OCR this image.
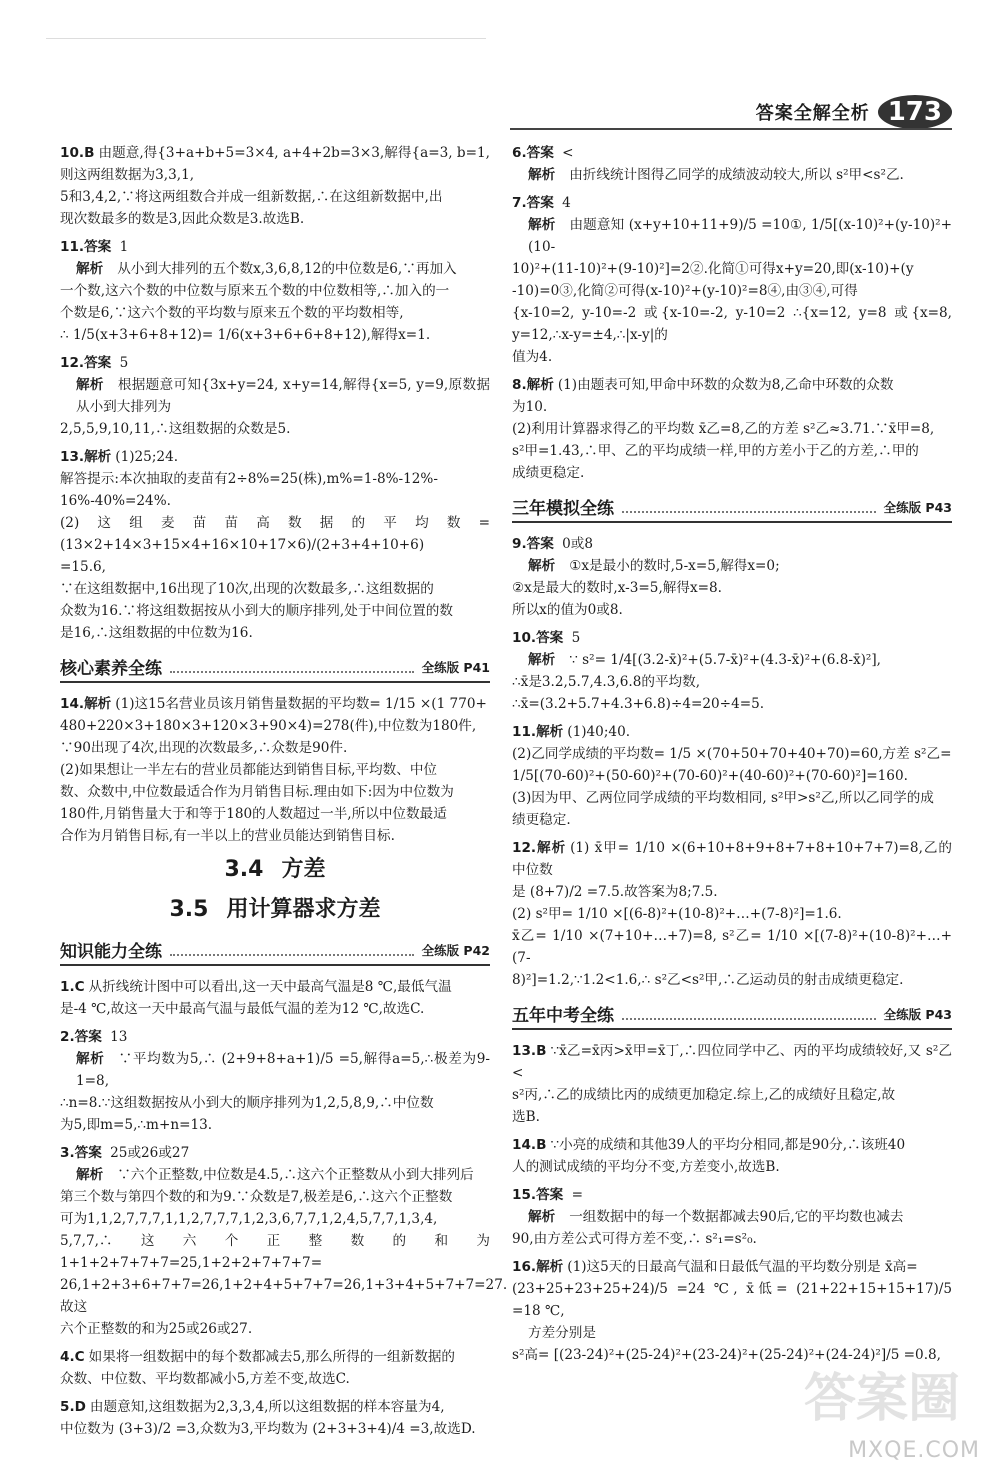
答案全解全析 173

10.B 由题意,得{3+a+b+5=3×4, a+4+2b=3×3,解得{a=3, b=1,则这两组数据为3,3,1,

5和3,4,2,∵将这两组数合并成一组新数据,∴在这组新数据中,出

现次数最多的数是3,因此众数是3.故选B.

11.答案 1

解析 从小到大排列的五个数x,3,6,8,12的中位数是6,∵再加入

一个数,这六个数的中位数与原来五个数的中位数相等,∴加入的一

个数是6,∵这六个数的平均数与原来五个数的平均数相等,

∴ 1/5(x+3+6+8+12)= 1/6(x+3+6+6+8+12),解得x=1.

12.答案 5

解析 根据题意可知{3x+y=24, x+y=14,解得{x=5, y=9,原数据从小到大排列为

2,5,5,9,10,11,∴这组数据的众数是5.

13.解析 (1)25;24.

解答提示:本次抽取的麦苗有2÷8%=25(株),m%=1-8%-12%-

16%-40%=24%.

(2)这组麦苗苗高数据的平均数= (13×2+14×3+15×4+16×10+17×6)/(2+3+4+10+6)

=15.6,

∵在这组数据中,16出现了10次,出现的次数最多,∴这组数据的

众数为16.∵将这组数据按从小到大的顺序排列,处于中间位置的数

是16,∴这组数据的中位数为16.

核心素养全练	全练版 P41

14.解析 (1)这15名营业员该月销售量数据的平均数= 1/15 ×(1 770+

480+220×3+180×3+120×3+90×4)=278(件),中位数为180件,

∵90出现了4次,出现的次数最多,∴众数是90件.

(2)如果想让一半左右的营业员都能达到销售目标,平均数、中位

数、众数中,中位数最适合作为月销售目标.理由如下:因为中位数为

180件,月销售量大于和等于180的人数超过一半,所以中位数最适

合作为月销售目标,有一半以上的营业员能达到销售目标.

3.4 方差
3.5 用计算器求方差
知识能力全练	全练版 P42

1.C 从折线统计图中可以看出,这一天中最高气温是8 ℃,最低气温

是-4 ℃,故这一天中最高气温与最低气温的差为12 ℃,故选C.

2.答案 13

解析 ∵平均数为5,∴ (2+9+8+a+1)/5 =5,解得a=5,∴极差为9-1=8,

∴n=8.∵这组数据按从小到大的顺序排列为1,2,5,8,9,∴中位数

为5,即m=5,∴m+n=13.

3.答案 25或26或27

解析 ∵六个正整数,中位数是4.5,∴这六个正整数从小到大排列后

第三个数与第四个数的和为9.∵众数是7,极差是6,∴这六个正整数

可为1,1,2,7,7,7,1,1,2,7,7,7,1,2,3,6,7,7,1,2,4,5,7,7,1,3,4,

5,7,7,∴这六个正整数的和为1+1+2+7+7+7=25,1+2+2+7+7+7=

26,1+2+3+6+7+7=26,1+2+4+5+7+7=26,1+3+4+5+7+7=27.故这

六个正整数的和为25或26或27.

4.C 如果将一组数据中的每个数都减去5,那么所得的一组新数据的

众数、中位数、平均数都减小5,方差不变,故选C.

5.D 由题意知,这组数据为2,3,3,4,所以这组数据的样本容量为4,

中位数为 (3+3)/2 =3,众数为3,平均数为 (2+3+3+4)/4 =3,故选D.

6.答案 <

解析 由折线统计图得乙同学的成绩波动较大,所以 s²甲<s²乙.

7.答案 4

解析 由题意知 (x+y+10+11+9)/5 =10①, 1/5[(x-10)²+(y-10)²+(10-

10)²+(11-10)²+(9-10)²]=2②.化简①可得x+y=20,即(x-10)+(y

-10)=0③,化简②可得(x-10)²+(y-10)²=8④,由③④,可得

{x-10=2, y-10=-2 或{x-10=-2, y-10=2 ∴{x=12, y=8 或{x=8, y=12,∴x-y=±4,∴|x-y|的

值为4.

8.解析 (1)由题表可知,甲命中环数的众数为8,乙命中环数的众数

为10.

(2)利用计算器求得乙的平均数 x̄乙=8,乙的方差 s²乙≈3.71.∵x̄甲=8,

s²甲=1.43,∴甲、乙的平均成绩一样,甲的方差小于乙的方差,∴甲的

成绩更稳定.

三年模拟全练	全练版 P43

9.答案 0或8

解析 ①x是最小的数时,5-x=5,解得x=0;

②x是最大的数时,x-3=5,解得x=8.

所以x的值为0或8.

10.答案 5

解析 ∵ s²= 1/4[(3.2-x̄)²+(5.7-x̄)²+(4.3-x̄)²+(6.8-x̄)²],

∴x̄是3.2,5.7,4.3,6.8的平均数,

∴x̄=(3.2+5.7+4.3+6.8)÷4=20÷4=5.

11.解析 (1)40;40.

(2)乙同学成绩的平均数= 1/5 ×(70+50+70+40+70)=60,方差 s²乙=

1/5[(70-60)²+(50-60)²+(70-60)²+(40-60)²+(70-60)²]=160.

(3)因为甲、乙两位同学成绩的平均数相同, s²甲>s²乙,所以乙同学的成

绩更稳定.

12.解析 (1) x̄甲= 1/10 ×(6+10+8+9+8+7+8+10+7+7)=8,乙的中位数

是 (8+7)/2 =7.5.故答案为8;7.5.

(2) s²甲= 1/10 ×[(6-8)²+(10-8)²+…+(7-8)²]=1.6.

x̄乙= 1/10 ×(7+10+…+7)=8, s²乙= 1/10 ×[(7-8)²+(10-8)²+…+(7-

8)²]=1.2,∵1.2<1.6,∴ s²乙<s²甲,∴乙运动员的射击成绩更稳定.

五年中考全练	全练版 P43

13.B ∵x̄乙=x̄丙>x̄甲=x̄丁,∴四位同学中乙、丙的平均成绩较好,又 s²乙<

s²丙,∴乙的成绩比丙的成绩更加稳定.综上,乙的成绩好且稳定,故

选B.

14.B ∵小亮的成绩和其他39人的平均分相同,都是90分,∴该班40

人的测试成绩的平均分不变,方差变小,故选B.

15.答案 =

解析 一组数据中的每一个数据都减去90后,它的平均数也减去

90,由方差公式可得方差不变,∴ s²₁=s²₀.

16.解析 (1)这5天的日最高气温和日最低气温的平均数分别是 x̄高=

(23+25+23+25+24)/5 =24 ℃, x̄低= (21+22+15+15+17)/5 =18 ℃,

方差分别是

s²高= [(23-24)²+(25-24)²+(23-24)²+(25-24)²+(24-24)²]/5 =0.8,

答案圈
MXQE.COM
